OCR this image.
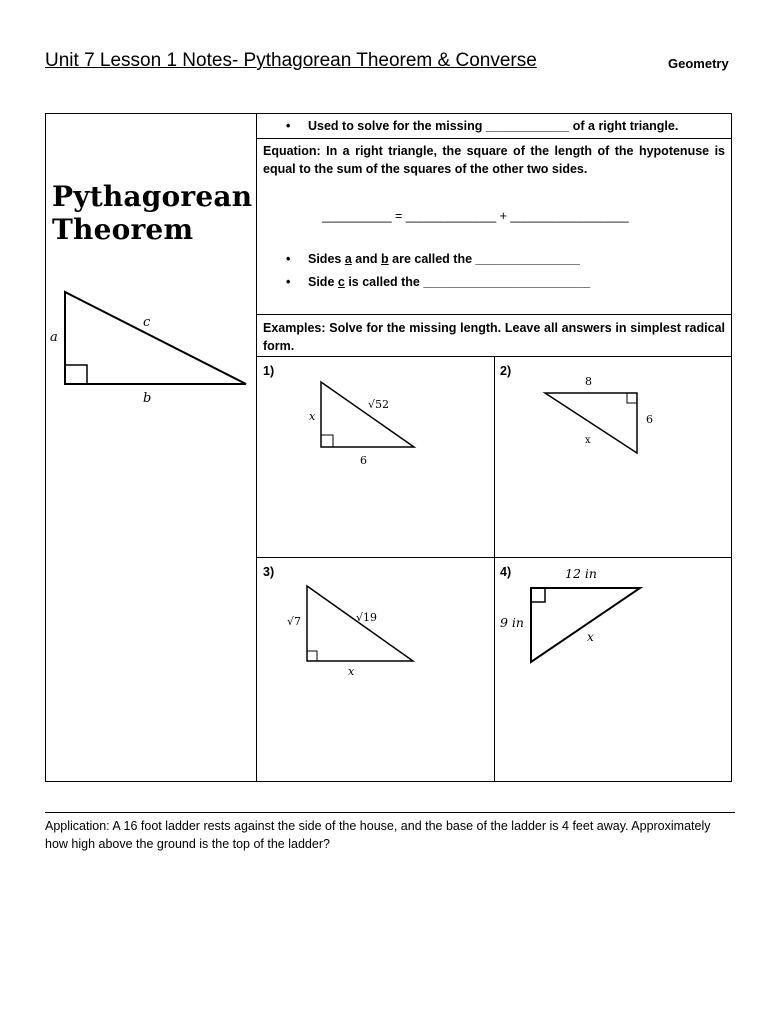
Unit 7 Lesson 1 Notes- Pythagorean Theorem & Converse	Geometry
Pythagorean
Theorem
a
b
c
• Used to solve for the missing ____________ of a right triangle.
Equation: In a right triangle, the square of the length of the hypotenuse is equal to the sum of the squares of the other two sides.
__________ = _____________ + _________________
• Sides a and b are called the _______________
• Side c is called the ________________________
Examples: Solve for the missing length. Leave all answers in simplest radical form.
1)	2)
3)	4)
x
6
√52
8
6
x
√7	√19
x
12 in
9 in
x
Application: A 16 foot ladder rests against the side of the house, and the base of the ladder is 4 feet away. Approximately how high above the ground is the top of the ladder?
